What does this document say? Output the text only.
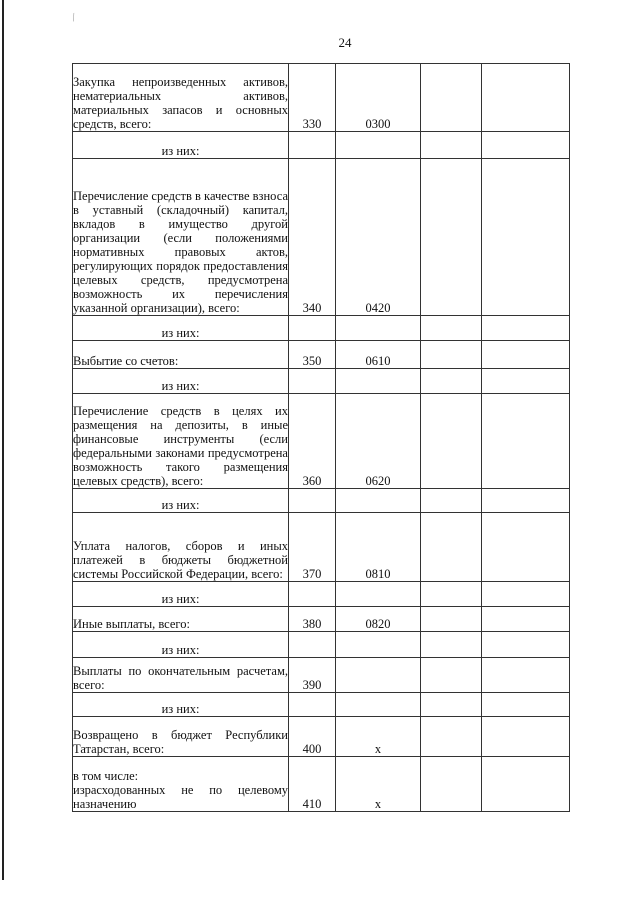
/
24
Закупка непроизведенных активов, нематериальных активов, материальных запасов и основных средств, всего:	330	0300		
из них:				

Перечисление средств в качестве взноса в уставный (складочный) капитал, вкладов в имущество другой организации (если положениями нормативных правовых актов, регулирующих порядок предоставления целевых средств, предусмотрена возможность их перечисления указанной организации), всего:	340	0420		
из них:				

Выбытие со счетов:	350	0610		
из них:				

Перечисление средств в целях их размещения на депозиты, в иные финансовые инструменты (если федеральными законами предусмотрена возможность такого размещения целевых средств), всего:	360	0620		
из них:				

Уплата налогов, сборов и иных платежей в бюджеты бюджетной системы Российской Федерации, всего:	370	0810		
из них:				

Иные выплаты, всего:	380	0820		
из них:				

Выплаты по окончательным расчетам, всего:	390			
из них:				

Возвращено в бюджет Республики Татарстан, всего:	400	x		

в том числе:
израсходованных не по целевому назначению	410	x		
